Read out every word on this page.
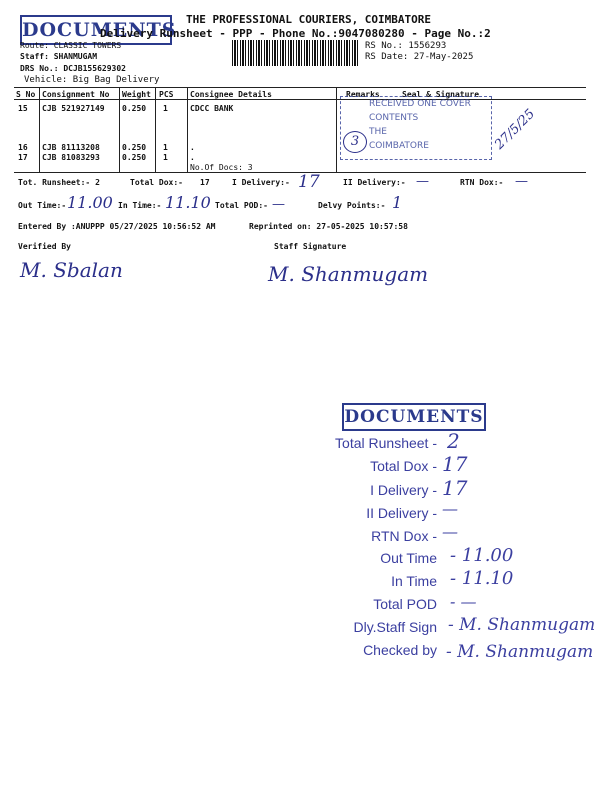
DOCUMENTS THE PROFESSIONAL COURIERS, COIMBATORE
Delivery Runsheet - PPP - Phone No.:9047080280 - Page No.:2
Route: CLASSIC TOWERS
Staff: SHANMUGAM
DRS No.: DCJB155629302
Vehicle: Big Bag Delivery
RS No.: 1556293
RS Date: 27-May-2025
S No Consignment No Weight PCS Consignee Details	Remarks	Seal & Signature
15 CJB 521927149 0.250 1	CDCC BANK
16 CJB 81113208	0.250 1	.
17 CJB 81083293	0.250 1	.
No.Of Docs: 3
RECEIVED ONE COVER
CONTENTS
THE
COIMBATORE
3	27/5/25
Tot. Runsheet:- 2	Total Dox:- 17	I Delivery:- 17	II Delivery:- —	RTN Dox:- —
Out Time:- 11.00 In Time:- 11.10 Total POD:- —	Delvy Points:- 1
Entered By :ANUPPP 05/27/2025 10:56:52 AM	Reprinted on: 27-05-2025 10:57:58
Verified By	Staff Signature
M. Sbalan	M. Shanmugam
DOCUMENTS
Total Runsheet - 2
Total Dox - 17
I Delivery - 17
II Delivery - —
RTN Dox - —
Out Time - 11.00
In Time - 11.10
Total POD - —
Dly.Staff Sign - M. Shanmugam
Checked by - M. Shanmugam
